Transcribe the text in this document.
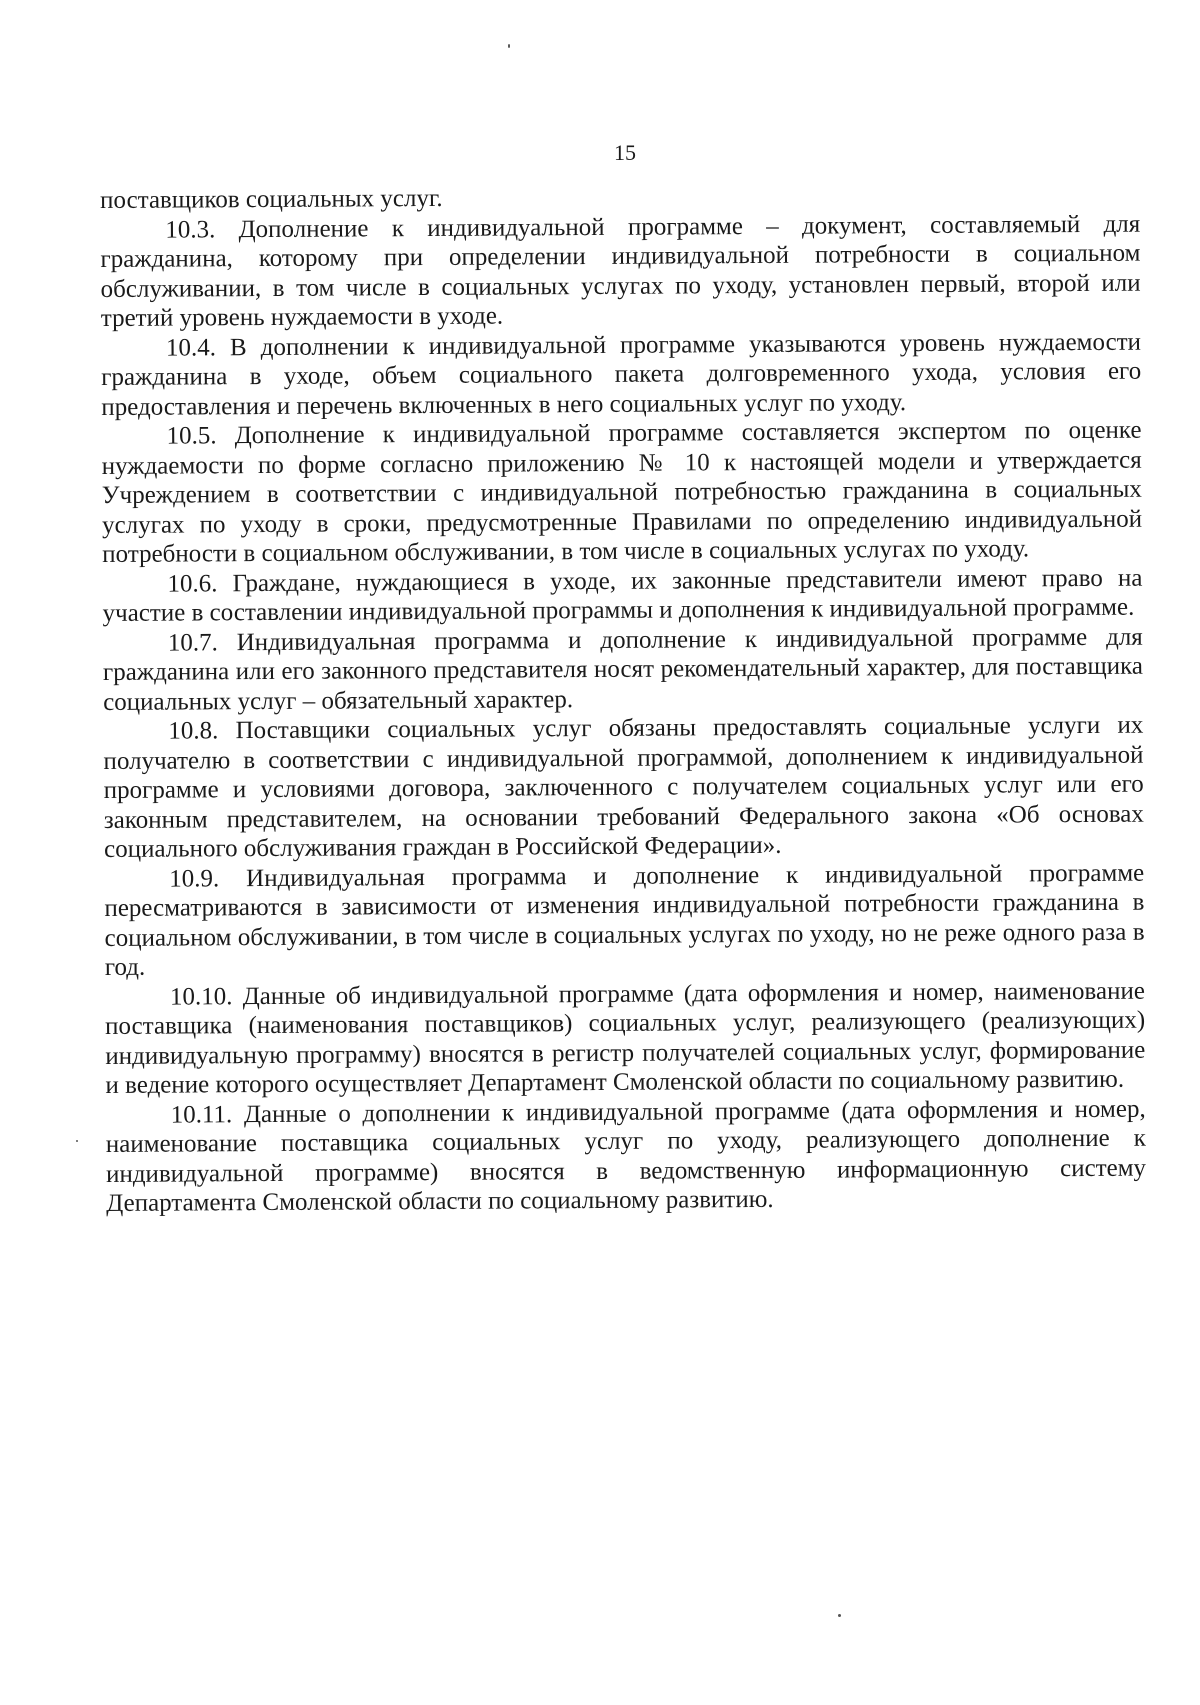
15

поставщиков социальных услуг.

10.3. Дополнение к индивидуальной программе – документ, составляемый для гражданина, которому при определении индивидуальной потребности в социальном обслуживании, в том числе в социальных услугах по уходу, установлен первый, второй или третий уровень нуждаемости в уходе.

10.4. В дополнении к индивидуальной программе указываются уровень нуждаемости гражданина в уходе, объем социального пакета долговременного ухода, условия его предоставления и перечень включенных в него социальных услуг по уходу.

10.5. Дополнение к индивидуальной программе составляется экспертом по оценке нуждаемости по форме согласно приложению № 10 к настоящей модели и утверждается Учреждением в соответствии с индивидуальной потребностью гражданина в социальных услугах по уходу в сроки, предусмотренные Правилами по определению индивидуальной потребности в социальном обслуживании, в том числе в социальных услугах по уходу.

10.6. Граждане, нуждающиеся в уходе, их законные представители имеют право на участие в составлении индивидуальной программы и дополнения к индивидуальной программе.

10.7. Индивидуальная программа и дополнение к индивидуальной программе для гражданина или его законного представителя носят рекомендательный характер, для поставщика социальных услуг – обязательный характер.

10.8. Поставщики социальных услуг обязаны предоставлять социальные услуги их получателю в соответствии с индивидуальной программой, дополнением к индивидуальной программе и условиями договора, заключенного с получателем социальных услуг или его законным представителем, на основании требований Федерального закона «Об основах социального обслуживания граждан в Российской Федерации».

10.9. Индивидуальная программа и дополнение к индивидуальной программе пересматриваются в зависимости от изменения индивидуальной потребности гражданина в социальном обслуживании, в том числе в социальных услугах по уходу, но не реже одного раза в год.

10.10. Данные об индивидуальной программе (дата оформления и номер, наименование поставщика (наименования поставщиков) социальных услуг, реализующего (реализующих) индивидуальную программу) вносятся в регистр получателей социальных услуг, формирование и ведение которого осуществляет Департамент Смоленской области по социальному развитию.

10.11. Данные о дополнении к индивидуальной программе (дата оформления и номер, наименование поставщика социальных услуг по уходу, реализующего дополнение к индивидуальной программе) вносятся в ведомственную информационную систему Департамента Смоленской области по социальному развитию.
